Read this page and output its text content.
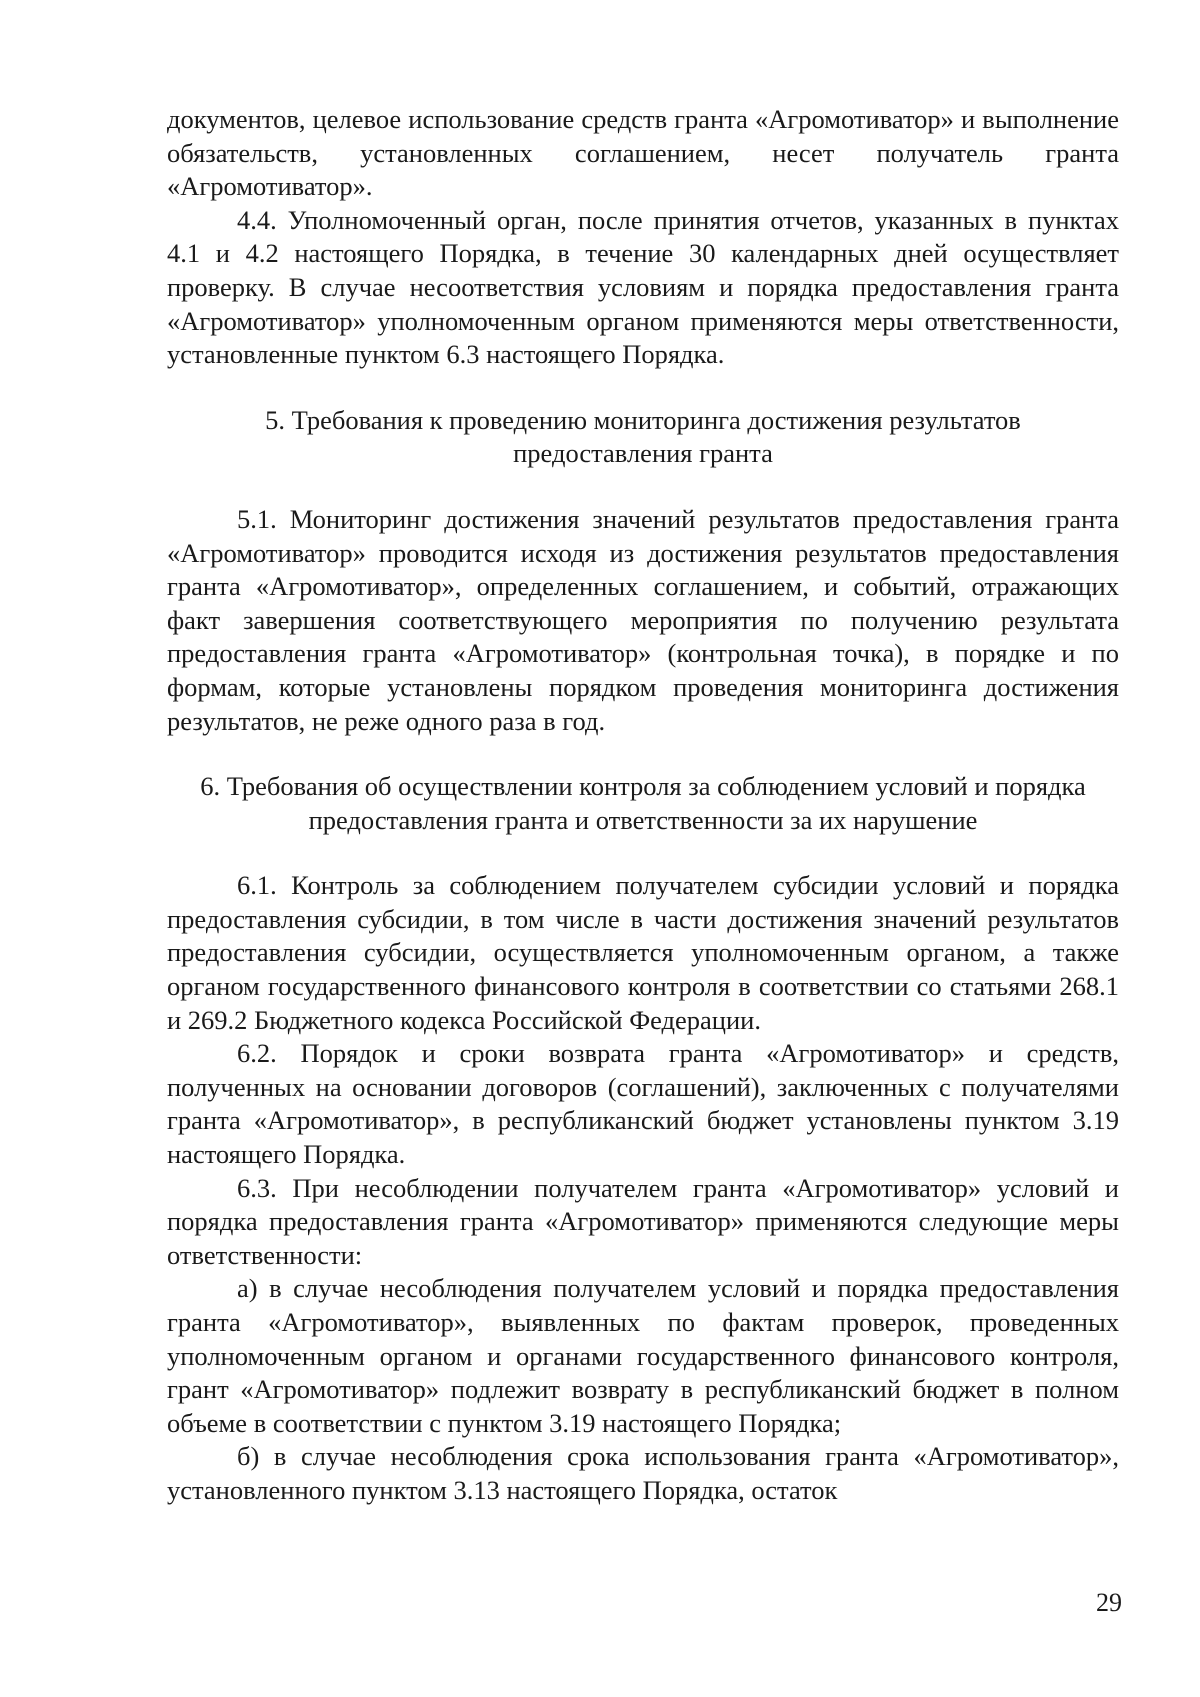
документов, целевое использование средств гранта «Агромотиватор» и выполнение обязательств, установленных соглашением, несет получатель гранта «Агромотиватор».

4.4. Уполномоченный орган, после принятия отчетов, указанных в пунктах 4.1 и 4.2 настоящего Порядка, в течение 30 календарных дней осуществляет проверку. В случае несоответствия условиям и порядка предоставления гранта «Агромотиватор» уполномоченным органом применяются меры ответственности, установленные пунктом 6.3 настоящего Порядка.

5. Требования к проведению мониторинга достижения результатов

предоставления гранта

5.1. Мониторинг достижения значений результатов предоставления гранта «Агромотиватор» проводится исходя из достижения результатов предоставления гранта «Агромотиватор», определенных соглашением, и событий, отражающих факт завершения соответствующего мероприятия по получению результата предоставления гранта «Агромотиватор» (контрольная точка), в порядке и по формам, которые установлены порядком проведения мониторинга достижения результатов, не реже одного раза в год.

6. Требования об осуществлении контроля за соблюдением условий и порядка

предоставления гранта и ответственности за их нарушение

6.1. Контроль за соблюдением получателем субсидии условий и порядка предоставления субсидии, в том числе в части достижения значений результатов предоставления субсидии, осуществляется уполномоченным органом, а также органом государственного финансового контроля в соответствии со статьями 268.1 и 269.2 Бюджетного кодекса Российской Федерации.

6.2. Порядок и сроки возврата гранта «Агромотиватор» и средств, полученных на основании договоров (соглашений), заключенных с получателями гранта «Агромотиватор», в республиканский бюджет установлены пунктом 3.19 настоящего Порядка.

6.3. При несоблюдении получателем гранта «Агромотиватор» условий и порядка предоставления гранта «Агромотиватор» применяются следующие меры ответственности:

а) в случае несоблюдения получателем условий и порядка предоставления гранта «Агромотиватор», выявленных по фактам проверок, проведенных уполномоченным органом и органами государственного финансового контроля, грант «Агромотиватор» подлежит возврату в республиканский бюджет в полном объеме в соответствии с пунктом 3.19 настоящего Порядка;

б) в случае несоблюдения срока использования гранта «Агромотиватор», установленного пунктом 3.13 настоящего Порядка, остаток

29
